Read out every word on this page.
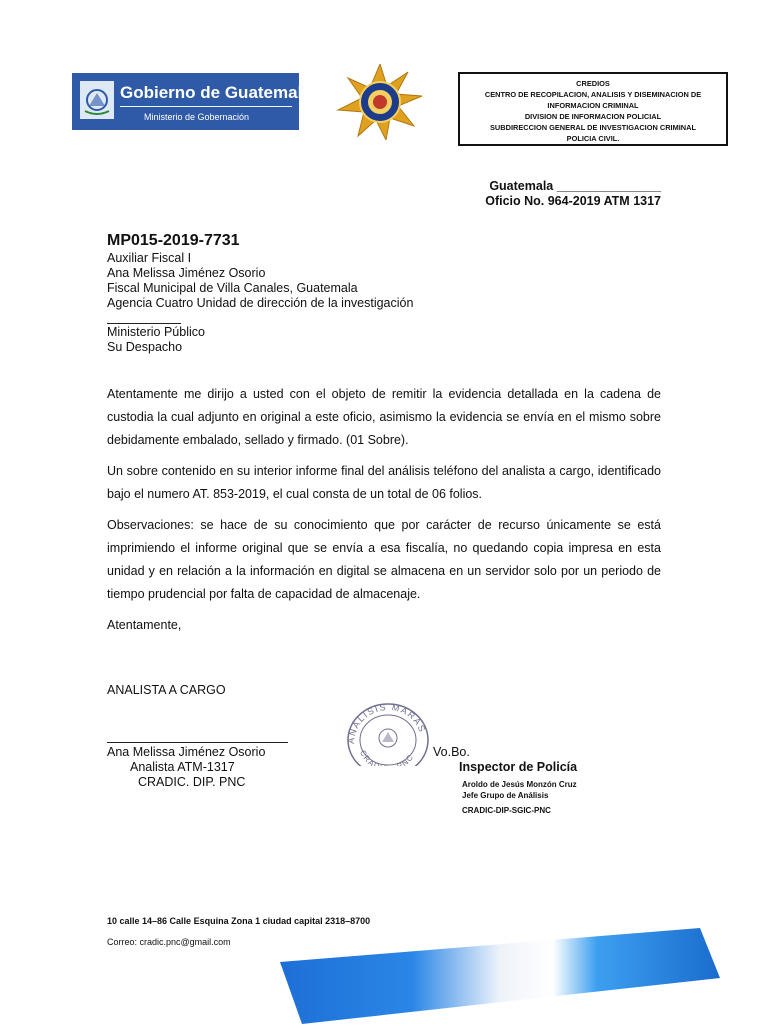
Gobierno de Guatemala
Ministerio de Gobernación
CREDIOS
CENTRO DE RECOPILACION, ANALISIS Y DISEMINACION DE
INFORMACION CRIMINAL
DIVISION DE INFORMACION POLICIAL
SUBDIRECCION GENERAL DE INVESTIGACION CRIMINAL
POLICIA CIVIL.
Guatemala _______________
Oficio No. 964-2019 ATM 1317
MP015-2019-7731
Auxiliar Fiscal I
Ana Melissa Jiménez Osorio
Fiscal Municipal de Villa Canales, Guatemala
Agencia Cuatro Unidad de dirección de la investigación
Ministerio Público
Su Despacho
Atentamente me dirijo a usted con el objeto de remitir la evidencia detallada en la cadena de custodia la cual adjunto en original a este oficio, asimismo la evidencia se envía en el mismo sobre debidamente embalado, sellado y firmado. (01 Sobre).
Un sobre contenido en su interior informe final del análisis teléfono del analista a cargo, identificado bajo el numero AT. 853-2019, el cual consta de un total de 06 folios.
Observaciones: se hace de su conocimiento que por carácter de recurso únicamente se está imprimiendo el informe original que se envía a esa fiscalía, no quedando copia impresa en esta unidad y en relación a la información en digital se almacena en un servidor solo por un periodo de tiempo prudencial por falta de capacidad de almacenaje.
Atentamente,
ANALISTA A CARGO
Ana Melissa Jiménez Osorio
Analista ATM-1317
CRADIC. DIP. PNC
ANÁLISIS MARAS
CRA PNC Vo.Bo.
Inspector de Policía
Aroldo de Jesús Monzón Cruz
Jefe Grupo de Análisis
CRADIC-DIP-SGIC-PNC
10 calle 14–86 Calle Esquina Zona 1 ciudad capital 2318–8700
Correo: cradic.pnc@gmail.com
